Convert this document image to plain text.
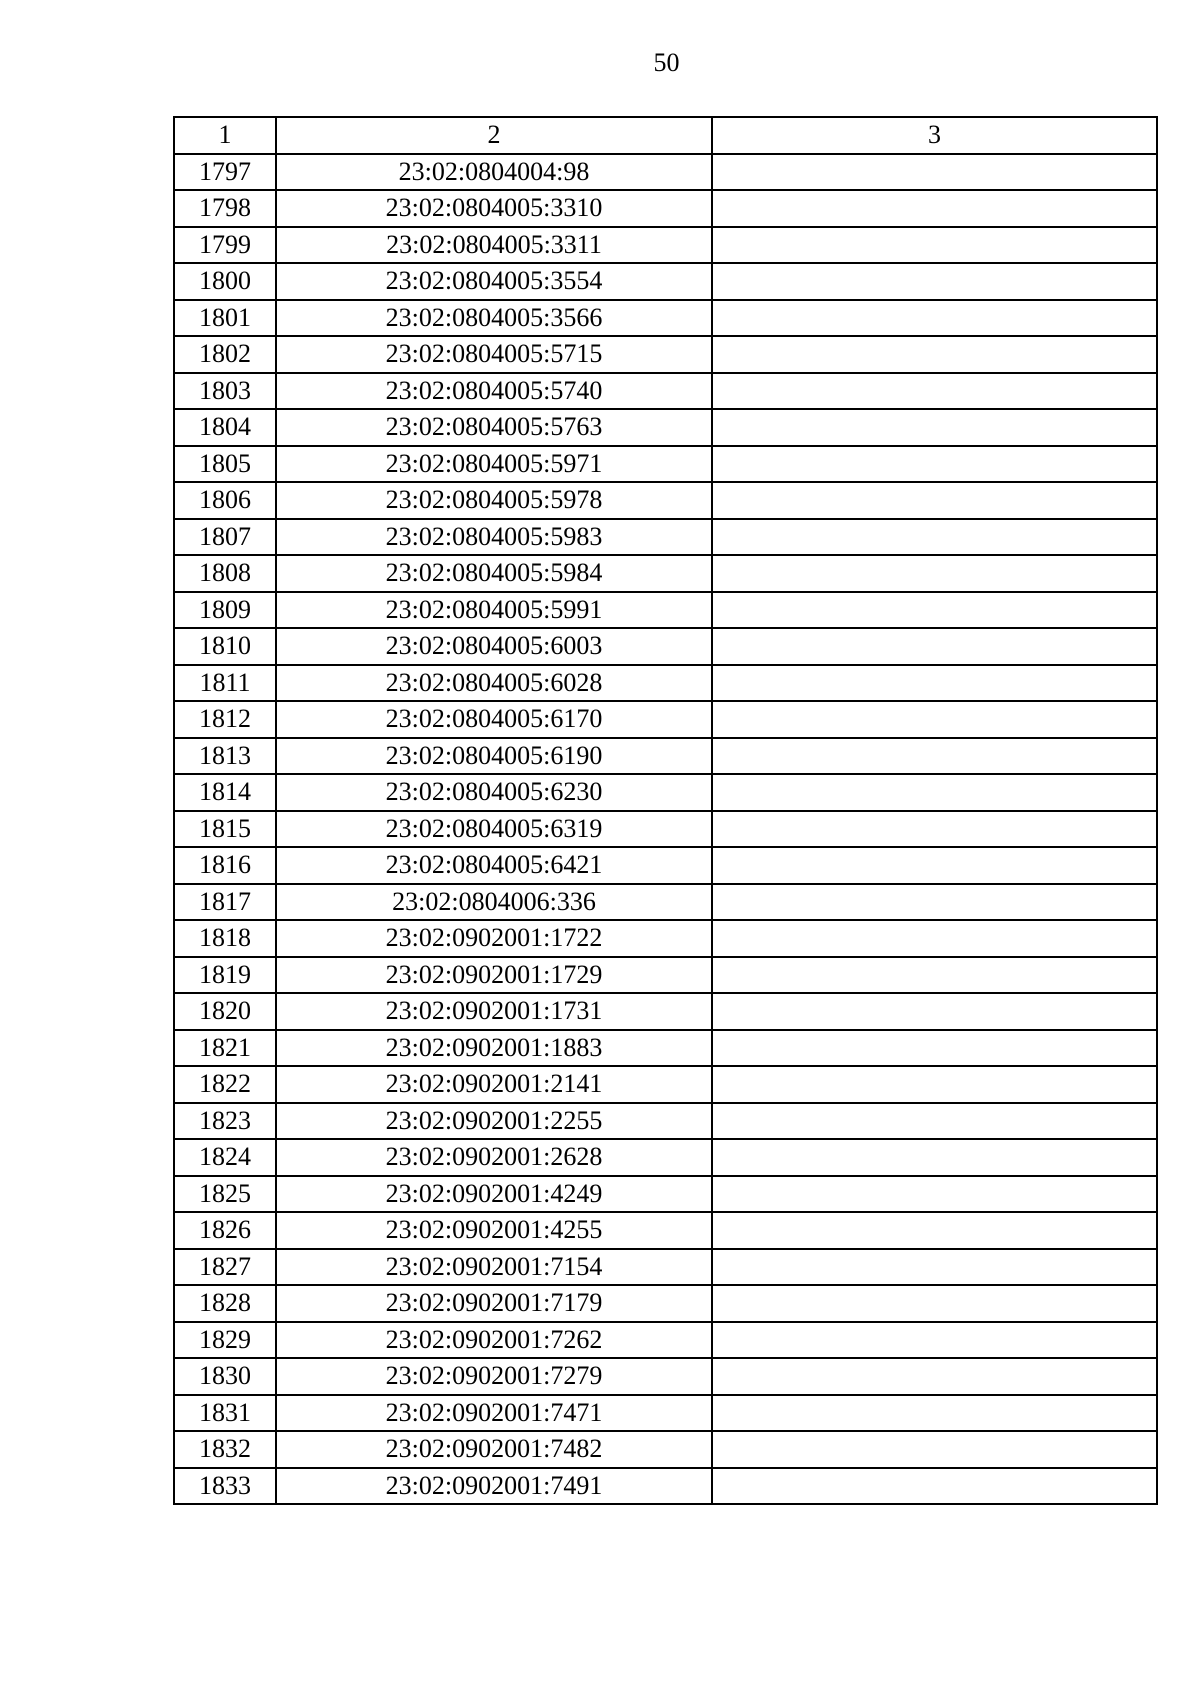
50
1	2	3
1797	23:02:0804004:98	
1798	23:02:0804005:3310	
1799	23:02:0804005:3311	
1800	23:02:0804005:3554	
1801	23:02:0804005:3566	
1802	23:02:0804005:5715	
1803	23:02:0804005:5740	
1804	23:02:0804005:5763	
1805	23:02:0804005:5971	
1806	23:02:0804005:5978	
1807	23:02:0804005:5983	
1808	23:02:0804005:5984	
1809	23:02:0804005:5991	
1810	23:02:0804005:6003	
1811	23:02:0804005:6028	
1812	23:02:0804005:6170	
1813	23:02:0804005:6190	
1814	23:02:0804005:6230	
1815	23:02:0804005:6319	
1816	23:02:0804005:6421	
1817	23:02:0804006:336	
1818	23:02:0902001:1722	
1819	23:02:0902001:1729	
1820	23:02:0902001:1731	
1821	23:02:0902001:1883	
1822	23:02:0902001:2141	
1823	23:02:0902001:2255	
1824	23:02:0902001:2628	
1825	23:02:0902001:4249	
1826	23:02:0902001:4255	
1827	23:02:0902001:7154	
1828	23:02:0902001:7179	
1829	23:02:0902001:7262	
1830	23:02:0902001:7279	
1831	23:02:0902001:7471	
1832	23:02:0902001:7482	
1833	23:02:0902001:7491	
